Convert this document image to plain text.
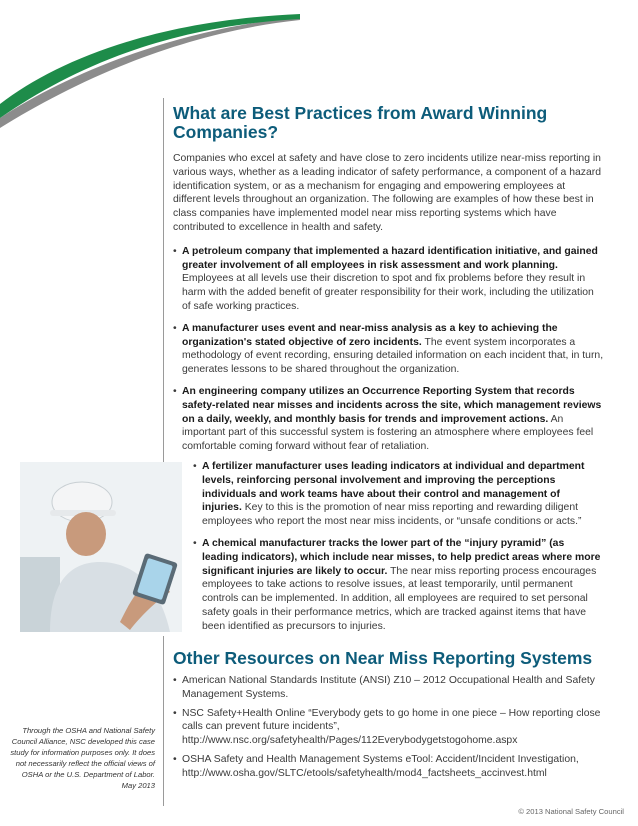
What are Best Practices from Award Winning Companies?

Companies who excel at safety and have close to zero incidents utilize near-miss reporting in various ways, whether as a leading indicator of safety performance, a component of a hazard identification system, or as a mechanism for engaging and empowering employees at different levels throughout an organization. The following are examples of how these best in class companies have implemented model near miss reporting systems which have contributed to excellence in health and safety.

• A petroleum company that implemented a hazard identification initiative, and gained greater involvement of all employees in risk assessment and work planning. Employees at all levels use their discretion to spot and fix problems before they result in harm with the added benefit of greater responsibility for their work, including the utilization of safe working practices.
• A manufacturer uses event and near-miss analysis as a key to achieving the organization's stated objective of zero incidents. The event system incorporates a methodology of event recording, ensuring detailed information on each incident that, in turn, generates lessons to be shared throughout the organization.
• An engineering company utilizes an Occurrence Reporting System that records safety-related near misses and incidents across the site, which management reviews on a daily, weekly, and monthly basis for trends and improvement actions. An important part of this successful system is fostering an atmosphere where employees feel comfortable coming forward without fear of retaliation.
• A fertilizer manufacturer uses leading indicators at individual and department levels, reinforcing personal involvement and improving the perceptions individuals and work teams have about their control and management of injuries. Key to this is the promotion of near miss reporting and rewarding diligent employees who report the most near miss incidents, or “unsafe conditions or acts.”
• A chemical manufacturer tracks the lower part of the “injury pyramid” (as leading indicators), which include near misses, to help predict areas where more significant injuries are likely to occur. The near miss reporting process encourages employees to take actions to resolve issues, at least temporarily, until permanent controls can be implemented. In addition, all employees are required to set personal safety goals in their performance metrics, which are tracked against items that have been identified as precursors to injuries.
Other Resources on Near Miss Reporting Systems
• American National Standards Institute (ANSI) Z10 – 2012 Occupational Health and Safety Management Systems.
• NSC Safety+Health Online “Everybody gets to go home in one piece – How reporting close calls can prevent future incidents”, http://www.nsc.org/safetyhealth/Pages/112Everybodygetstogohome.aspx
• OSHA Safety and Health Management Systems eTool: Accident/Incident Investigation, http://www.osha.gov/SLTC/etools/safetyhealth/mod4_factsheets_accinvest.html

Through the OSHA and National Safety Council Alliance, NSC developed this case study for information purposes only. It does not necessarily reflect the official views of OSHA or the U.S. Department of Labor. May 2013

© 2013 National Safety Council
